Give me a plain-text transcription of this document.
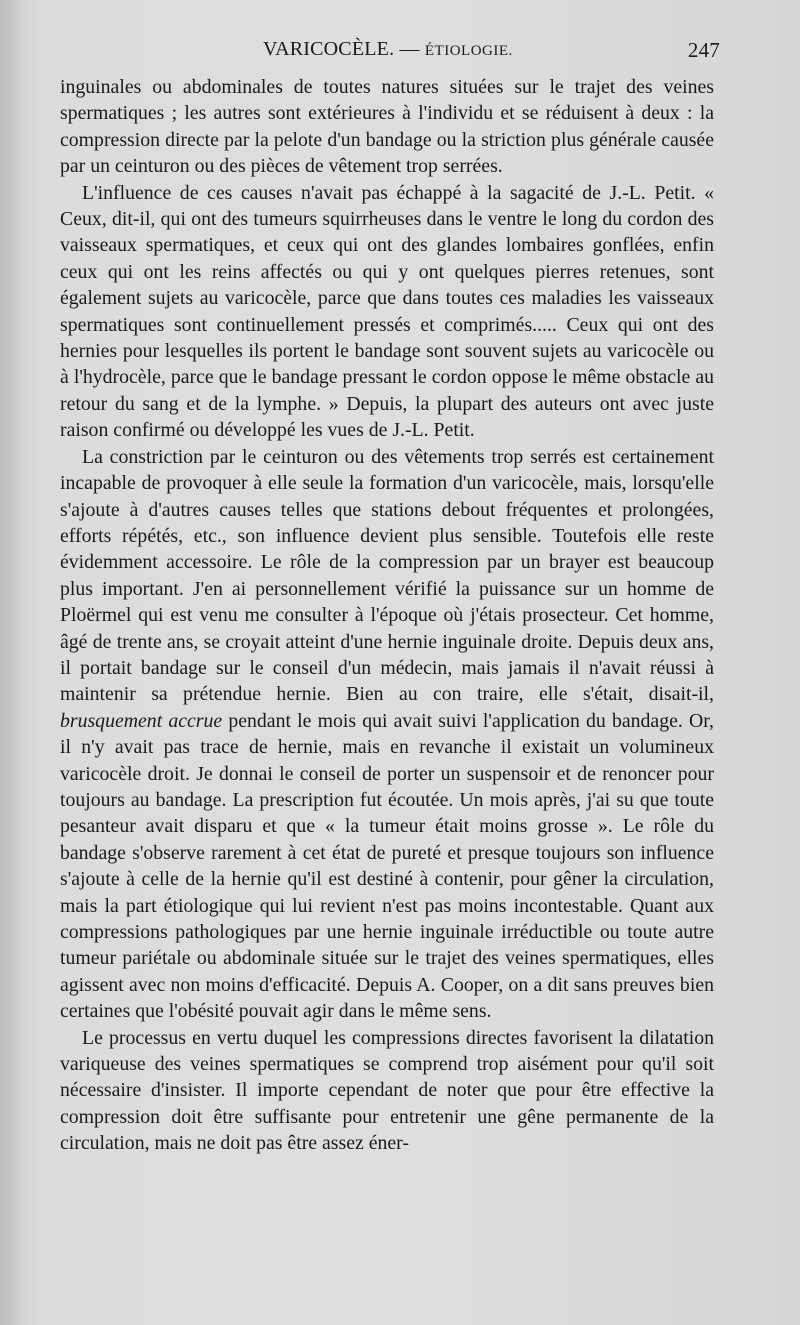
VARICOCÈLE. — ÉTIOLOGIE.	247

inguinales ou abdominales de toutes natures situées sur le trajet des veines spermatiques ; les autres sont extérieures à l'individu et se réduisent à deux : la compression directe par la pelote d'un bandage ou la striction plus générale causée par un ceinturon ou des pièces de vêtement trop serrées.

L'influence de ces causes n'avait pas échappé à la sagacité de J.-L. Petit. « Ceux, dit-il, qui ont des tumeurs squirrheuses dans le ventre le long du cordon des vaisseaux spermatiques, et ceux qui ont des glandes lombaires gonflées, enfin ceux qui ont les reins affectés ou qui y ont quelques pierres retenues, sont également sujets au varicocèle, parce que dans toutes ces maladies les vaisseaux spermatiques sont continuellement pressés et comprimés..... Ceux qui ont des hernies pour lesquelles ils portent le bandage sont souvent sujets au varicocèle ou à l'hydrocèle, parce que le bandage pressant le cordon oppose le même obstacle au retour du sang et de la lymphe. » Depuis, la plupart des auteurs ont avec juste raison confirmé ou développé les vues de J.-L. Petit.

La constriction par le ceinturon ou des vêtements trop serrés est certainement incapable de provoquer à elle seule la formation d'un varicocèle, mais, lorsqu'elle s'ajoute à d'autres causes telles que stations debout fréquentes et prolongées, efforts répétés, etc., son influence devient plus sensible. Toutefois elle reste évidemment accessoire. Le rôle de la compression par un brayer est beaucoup plus important. J'en ai personnellement vérifié la puissance sur un homme de Ploërmel qui est venu me consulter à l'époque où j'étais prosecteur. Cet homme, âgé de trente ans, se croyait atteint d'une hernie inguinale droite. Depuis deux ans, il portait bandage sur le conseil d'un médecin, mais jamais il n'avait réussi à maintenir sa prétendue hernie. Bien au con traire, elle s'était, disait-il, brusquement accrue pendant le mois qui avait suivi l'application du bandage. Or, il n'y avait pas trace de hernie, mais en revanche il existait un volumineux varicocèle droit. Je donnai le conseil de porter un suspensoir et de renoncer pour toujours au bandage. La prescription fut écoutée. Un mois après, j'ai su que toute pesanteur avait disparu et que « la tumeur était moins grosse ». Le rôle du bandage s'observe rarement à cet état de pureté et presque toujours son influence s'ajoute à celle de la hernie qu'il est destiné à contenir, pour gêner la circulation, mais la part étiologique qui lui revient n'est pas moins incontestable. Quant aux compressions pathologiques par une hernie inguinale irréductible ou toute autre tumeur pariétale ou abdominale située sur le trajet des veines spermatiques, elles agissent avec non moins d'efficacité. Depuis A. Cooper, on a dit sans preuves bien certaines que l'obésité pouvait agir dans le même sens.

Le processus en vertu duquel les compressions directes favorisent la dilatation variqueuse des veines spermatiques se comprend trop aisément pour qu'il soit nécessaire d'insister. Il importe cependant de noter que pour être effective la compression doit être suffisante pour entretenir une gêne permanente de la circulation, mais ne doit pas être assez éner-
